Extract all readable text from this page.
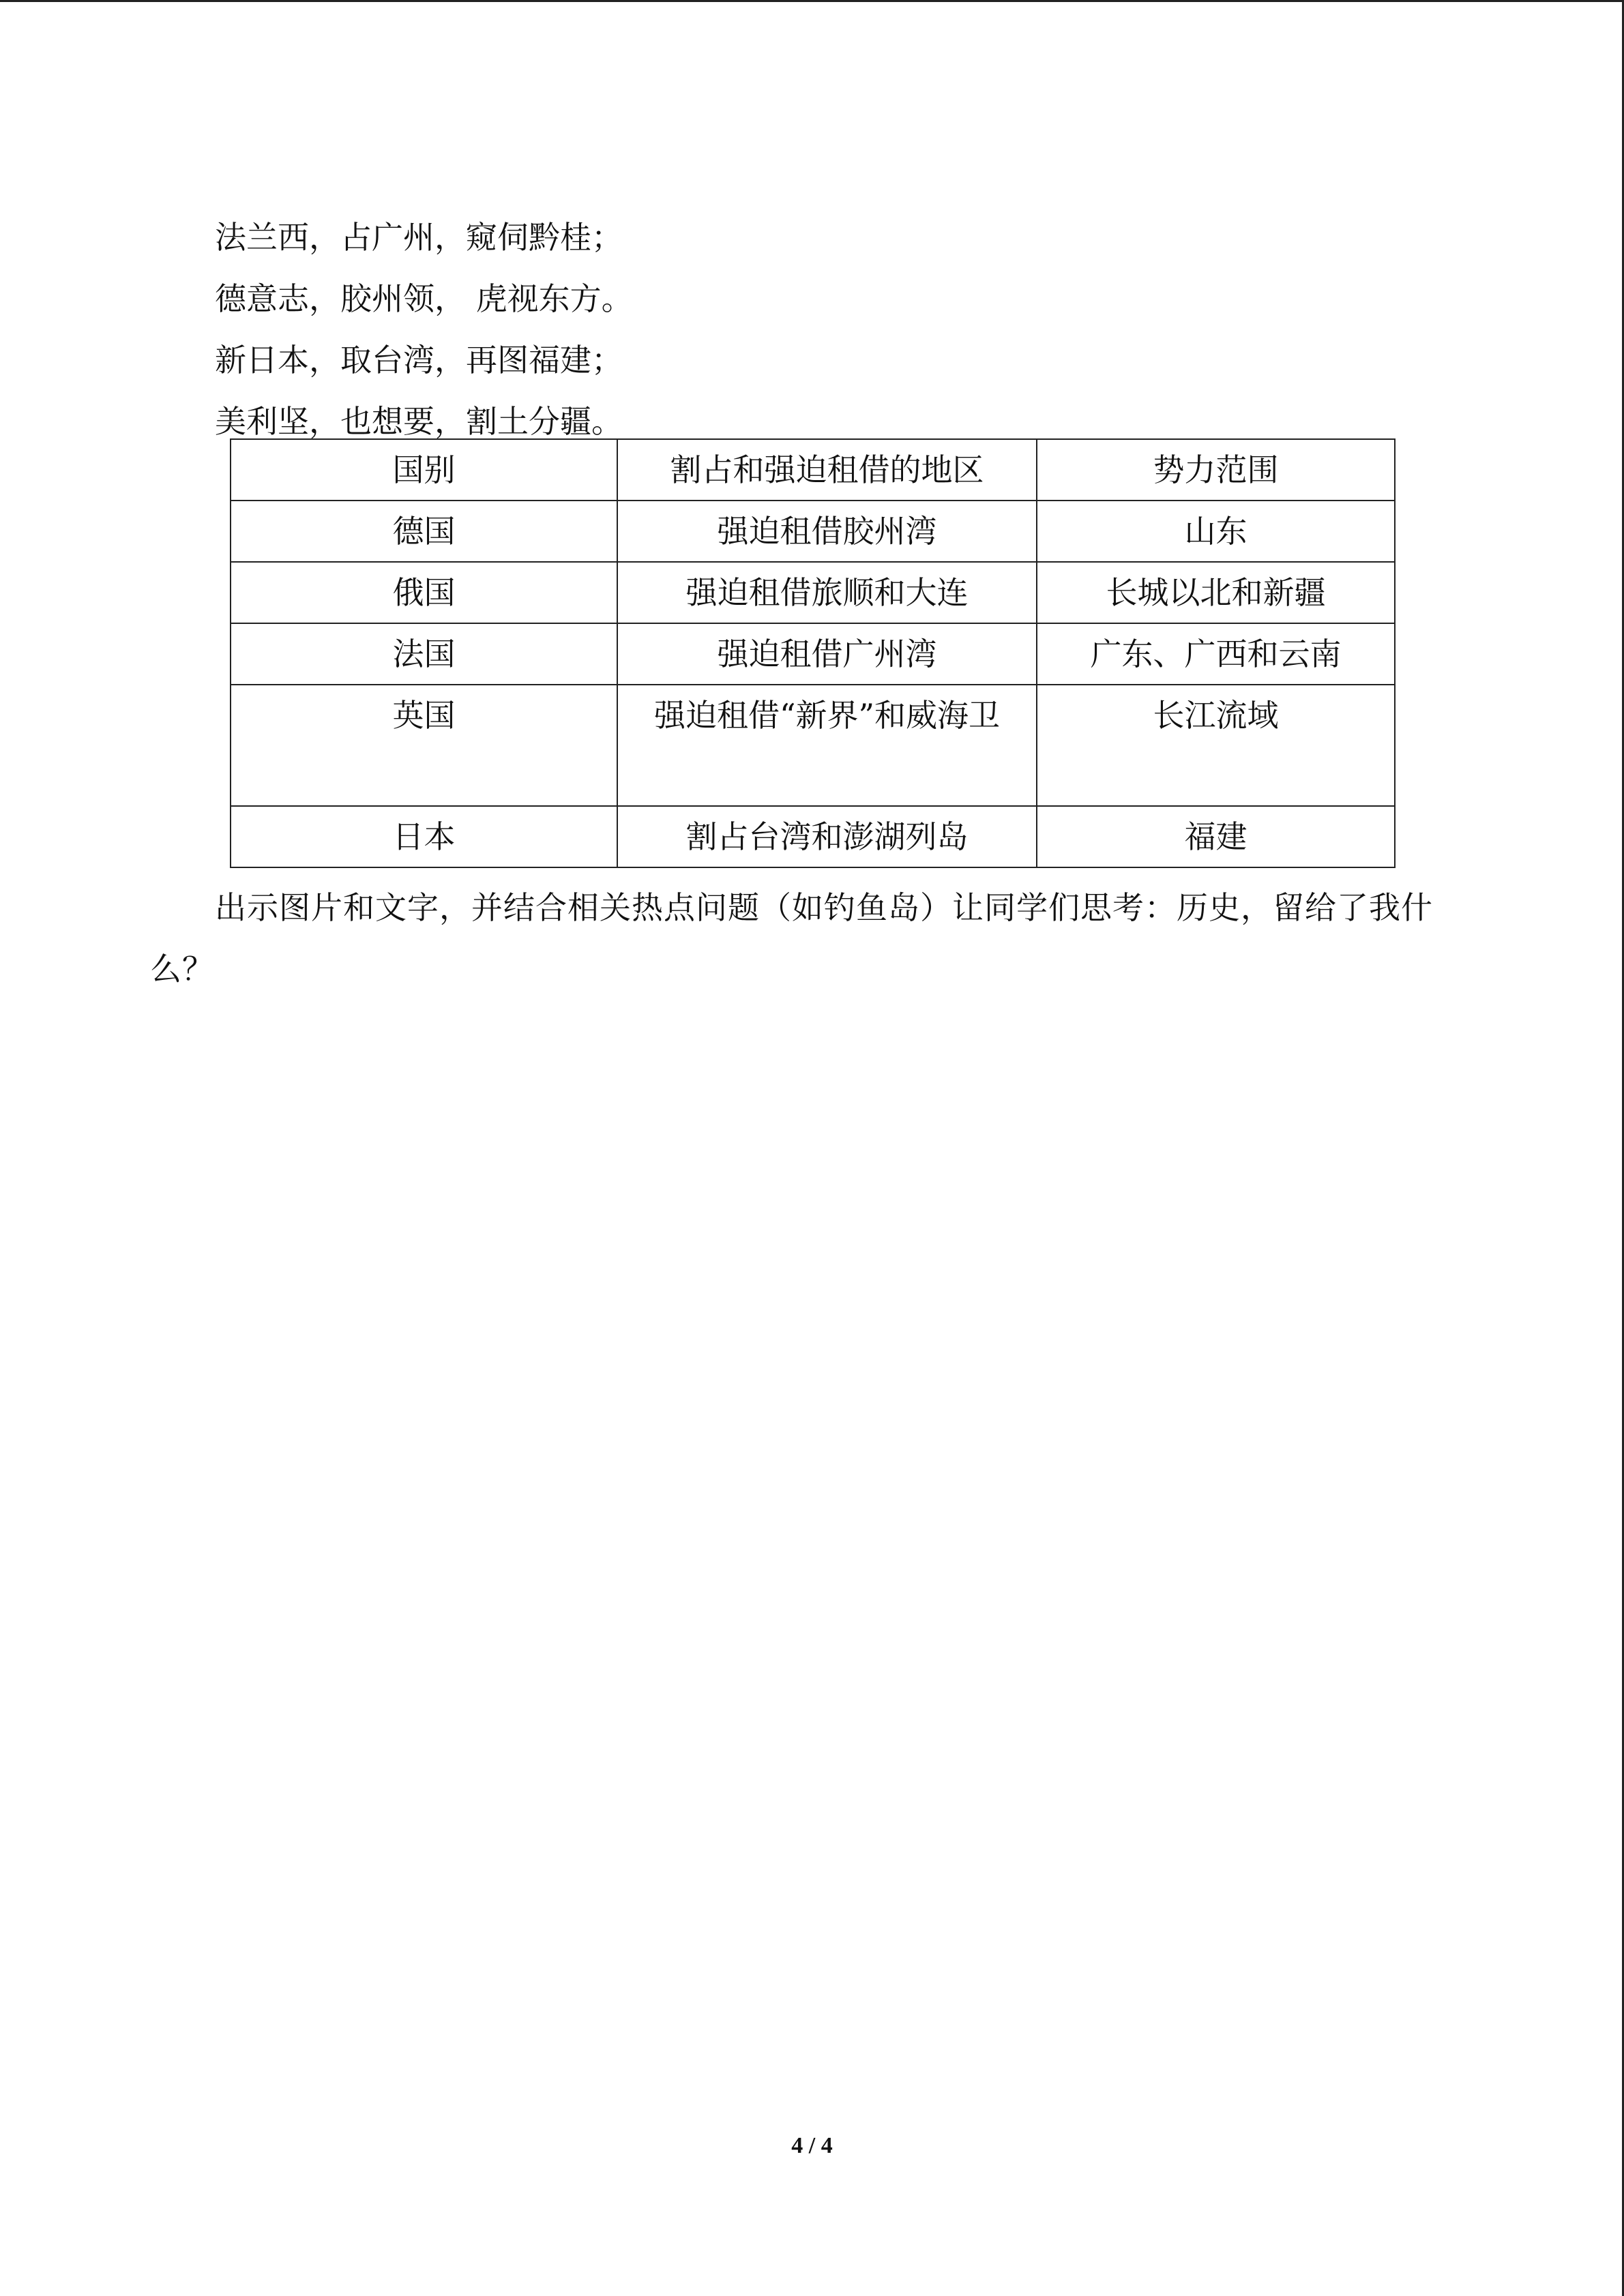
法兰西，占广州，窥伺黔桂；
德意志，胶州领， 虎视东方。
新日本，取台湾，再图福建；
美利坚，也想要，割土分疆。
国别	割占和强迫租借的地区	势力范围
德国	强迫租借胶州湾	山东
俄国	强迫租借旅顺和大连	长城以北和新疆
法国	强迫租借广州湾	广东、广西和云南
英国	强迫租借“新界”和威海卫	长江流域
日本	割占台湾和澎湖列岛	福建
出示图片和文字，并结合相关热点问题（如钓鱼岛）让同学们思考：历史，留给了我什么？
4 / 4
